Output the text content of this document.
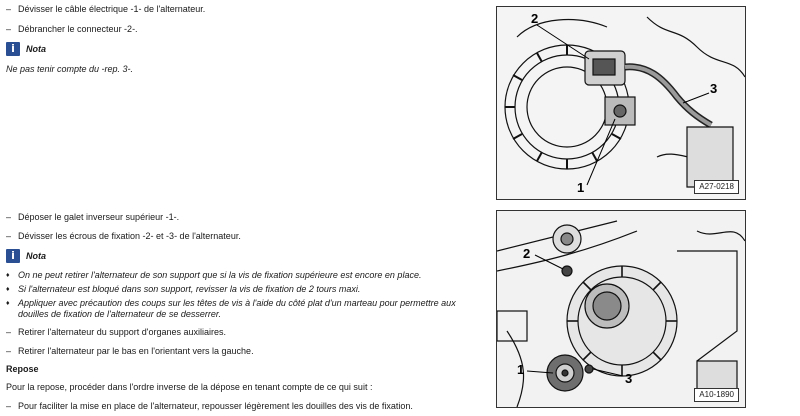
– Dévisser le câble électrique -1- de l'alternateur.
– Débrancher le connecteur -2-.
i	Nota
Ne pas tenir compte du -rep. 3-.
2
3
1	A27-0218
– Déposer le galet inverseur supérieur -1-.
– Dévisser les écrous de fixation -2- et -3- de l'alternateur.
i	Nota
♦ On ne peut retirer l'alternateur de son support que si la vis de fixation supérieure est encore en place.
♦ Si l'alternateur est bloqué dans son support, revisser la vis de fixation de 2 tours maxi.
♦ Appliquer avec précaution des coups sur les têtes de vis à l'aide du côté plat d'un marteau pour permettre aux
douilles de fixation de l'alternateur de se desserrer.
– Retirer l'alternateur du support d'organes auxiliaires.
– Retirer l'alternateur par le bas en l'orientant vers la gauche.
Repose
Pour la repose, procéder dans l'ordre inverse de la dépose en tenant compte de ce qui suit :
– Pour faciliter la mise en place de l'alternateur, repousser légèrement les douilles des vis de fixation.
2
1
3
A10-1890
